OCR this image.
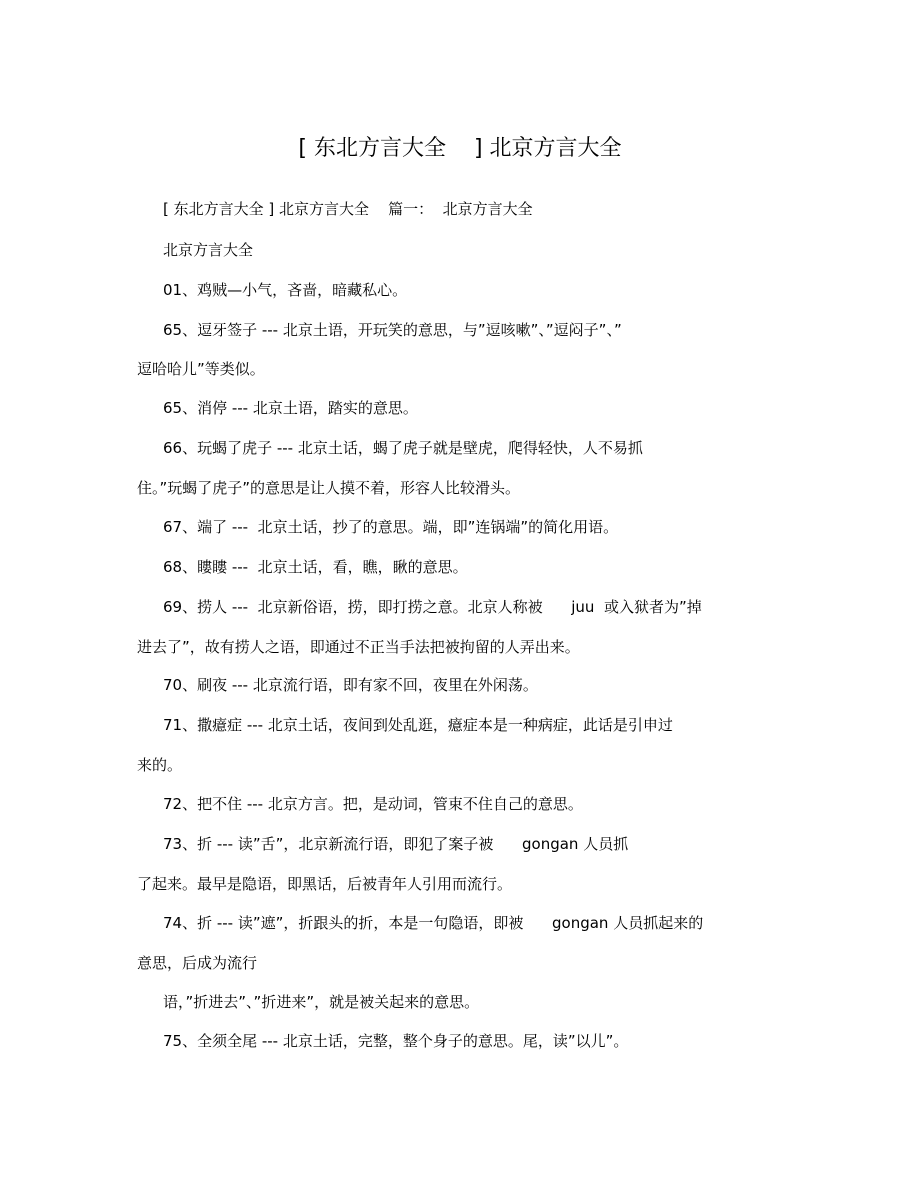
[ 东北方言大全    ] 北京方言大全
[ 东北方言大全 ] 北京方言大全    篇一：  北京方言大全
北京方言大全
01、鸡贼—小气，吝啬，暗藏私心。
65、逗牙签子 --- 北京土语，开玩笑的意思，与”逗咳嗽”、”逗闷子”、”
逗哈哈儿”等类似。
65、消停 --- 北京土语，踏实的意思。
66、玩蝎了虎子 --- 北京土话，蝎了虎子就是壁虎，爬得轻快，人不易抓
住。”玩蝎了虎子”的意思是让人摸不着，形容人比较滑头。
67、端了 ---  北京土话，抄了的意思。端，即”连锅端”的简化用语。
68、瞜瞜 ---  北京土话，看，瞧，瞅的意思。
69、捞人 ---  北京新俗语，捞，即打捞之意。北京人称被      juu  或入狱者为”掉
进去了”，故有捞人之语，即通过不正当手法把被拘留的人弄出来。
70、刷夜 --- 北京流行语，即有家不回，夜里在外闲荡。
71、撒癔症 --- 北京土话，夜间到处乱逛，癔症本是一种病症，此话是引申过
来的。
72、把不住 --- 北京方言。把，是动词，管束不住自己的意思。
73、折 --- 读”舌”，北京新流行语，即犯了案子被      gongan 人员抓
了起来。最早是隐语，即黑话，后被青年人引用而流行。
74、折 --- 读”遮”，折跟头的折，本是一句隐语，即被      gongan 人员抓起来的
意思，后成为流行
语，”折进去”、”折进来”，就是被关起来的意思。
75、全须全尾 --- 北京土话，完整，整个身子的意思。尾，读”以儿”。
